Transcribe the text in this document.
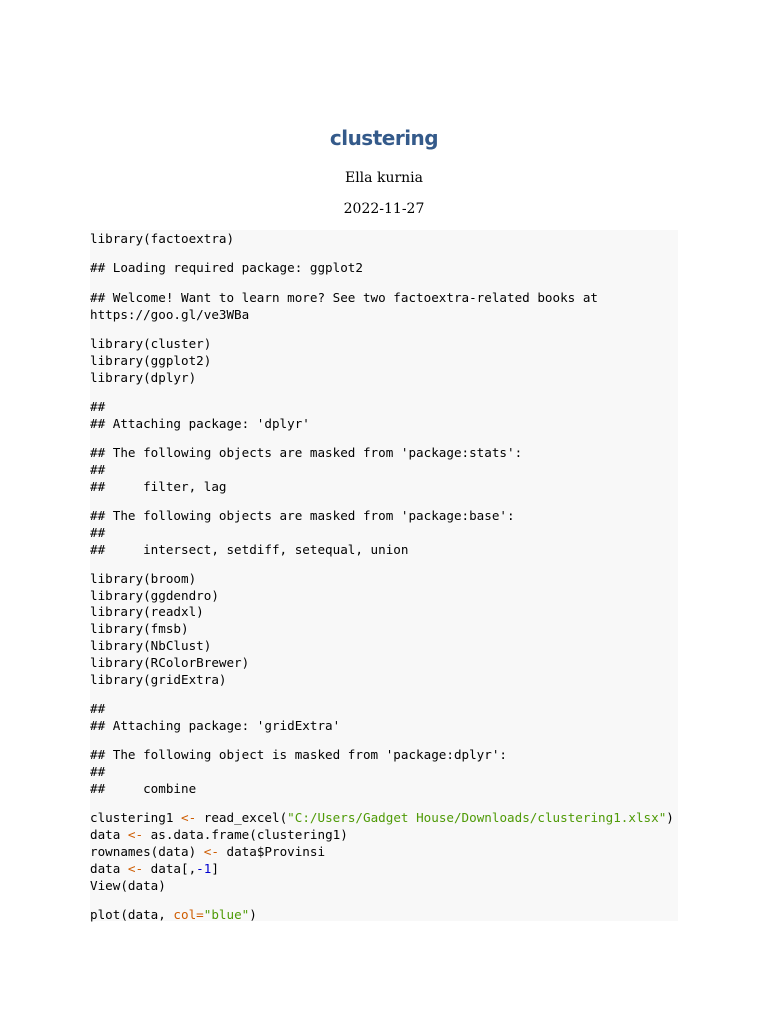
clustering
Ella kurnia
2022-11-27
library(factoextra)
## Loading required package: ggplot2
## Welcome! Want to learn more? See two factoextra-related books at
https://goo.gl/ve3WBa
library(cluster)
library(ggplot2)
library(dplyr)
##
## Attaching package: 'dplyr'
## The following objects are masked from 'package:stats':
##
##     filter, lag
## The following objects are masked from 'package:base':
##
##     intersect, setdiff, setequal, union
library(broom)
library(ggdendro)
library(readxl)
library(fmsb)
library(NbClust)
library(RColorBrewer)
library(gridExtra)
##
## Attaching package: 'gridExtra'
## The following object is masked from 'package:dplyr':
##
##     combine
clustering1 <- read_excel("C:/Users/Gadget House/Downloads/clustering1.xlsx")
data <- as.data.frame(clustering1)
rownames(data) <- data$Provinsi
data <- data[,-1]
View(data)
plot(data, col="blue")
